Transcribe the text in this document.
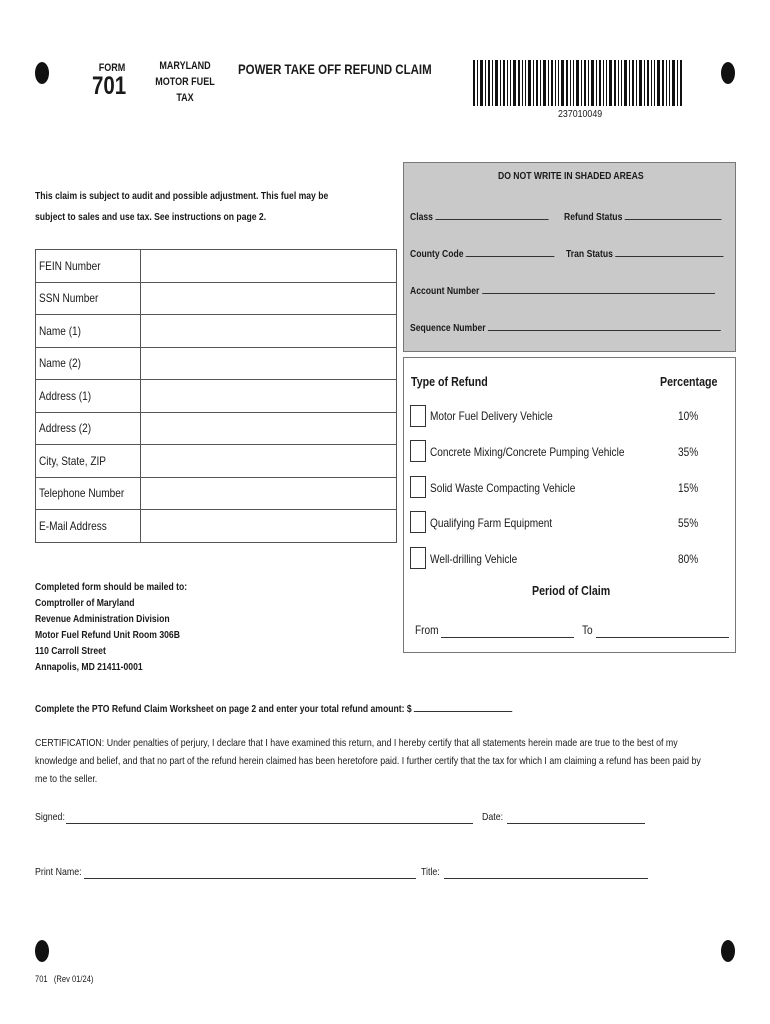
FORM
701
MARYLAND
MOTOR FUEL
TAX
POWER TAKE OFF REFUND CLAIM
237010049
This claim is subject to audit and possible adjustment. This fuel may be
subject to sales and use tax. See instructions on page 2.
FEIN Number	
SSN Number	
Name (1)	
Name (2)	
Address (1)	
Address (2)	
City, State, ZIP	
Telephone Number	
E-Mail Address	
DO NOT WRITE IN SHADED AREAS
Class	Refund Status
County Code	Tran Status
Account Number
Sequence Number
Type of Refund	Percentage
Motor Fuel Delivery Vehicle	10%
Concrete Mixing/Concrete Pumping Vehicle	35%
Solid Waste Compacting Vehicle	15%
Qualifying Farm Equipment	55%
Well-drilling Vehicle	80%
Period of Claim
From	To
Completed form should be mailed to:
Comptroller of Maryland
Revenue Administration Division
Motor Fuel Refund Unit Room 306B
110 Carroll Street
Annapolis, MD 21411-0001
Complete the PTO Refund Claim Worksheet on page 2 and enter your total refund amount: $
CERTIFICATION: Under penalties of perjury, I declare that I have examined this return, and I hereby certify that all statements herein made are true to the best of my
knowledge and belief, and that no part of the refund herein claimed has been heretofore paid. I further certify that the tax for which I am claiming a refund has been paid by
me to the seller.
Signed:	Date:
Print Name:	Title:
701   (Rev 01/24)
